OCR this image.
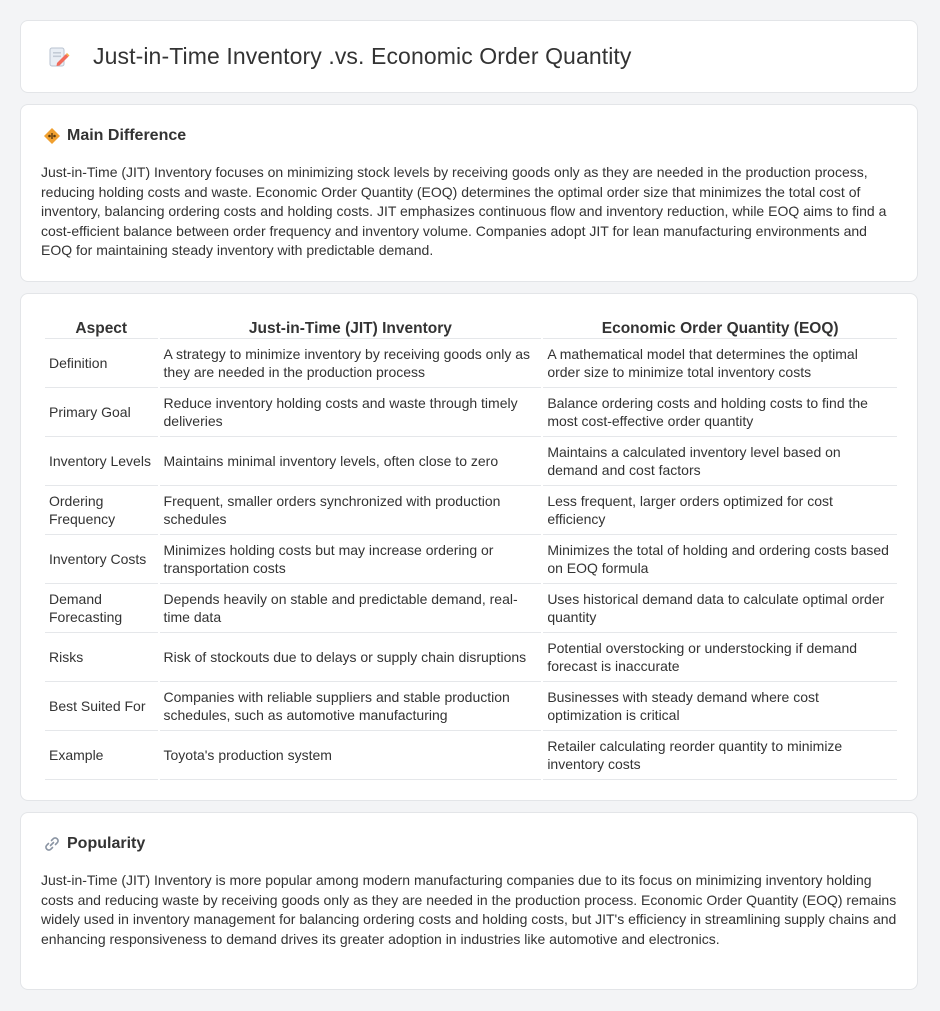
Just-in-Time Inventory .vs. Economic Order Quantity
Main Difference

Just-in-Time (JIT) Inventory focuses on minimizing stock levels by receiving goods only as they are needed in the production process, reducing holding costs and waste. Economic Order Quantity (EOQ) determines the optimal order size that minimizes the total cost of inventory, balancing ordering costs and holding costs. JIT emphasizes continuous flow and inventory reduction, while EOQ aims to find a cost-efficient balance between order frequency and inventory volume. Companies adopt JIT for lean manufacturing environments and EOQ for maintaining steady inventory with predictable demand.

Aspect	Just-in-Time (JIT) Inventory	Economic Order Quantity (EOQ)
Definition	A strategy to minimize inventory by receiving goods only as they are needed in the production process	A mathematical model that determines the optimal order size to minimize total inventory costs
Primary Goal	Reduce inventory holding costs and waste through timely deliveries	Balance ordering costs and holding costs to find the most cost-effective order quantity
Inventory Levels	Maintains minimal inventory levels, often close to zero	Maintains a calculated inventory level based on demand and cost factors
Ordering Frequency	Frequent, smaller orders synchronized with production schedules	Less frequent, larger orders optimized for cost efficiency
Inventory Costs	Minimizes holding costs but may increase ordering or transportation costs	Minimizes the total of holding and ordering costs based on EOQ formula
Demand Forecasting	Depends heavily on stable and predictable demand, real-time data	Uses historical demand data to calculate optimal order quantity
Risks	Risk of stockouts due to delays or supply chain disruptions	Potential overstocking or understocking if demand forecast is inaccurate
Best Suited For	Companies with reliable suppliers and stable production schedules, such as automotive manufacturing	Businesses with steady demand where cost optimization is critical
Example	Toyota's production system	Retailer calculating reorder quantity to minimize inventory costs
Popularity

Just-in-Time (JIT) Inventory is more popular among modern manufacturing companies due to its focus on minimizing inventory holding costs and reducing waste by receiving goods only as they are needed in the production process. Economic Order Quantity (EOQ) remains widely used in inventory management for balancing ordering costs and holding costs, but JIT's efficiency in streamlining supply chains and enhancing responsiveness to demand drives its greater adoption in industries like automotive and electronics.
